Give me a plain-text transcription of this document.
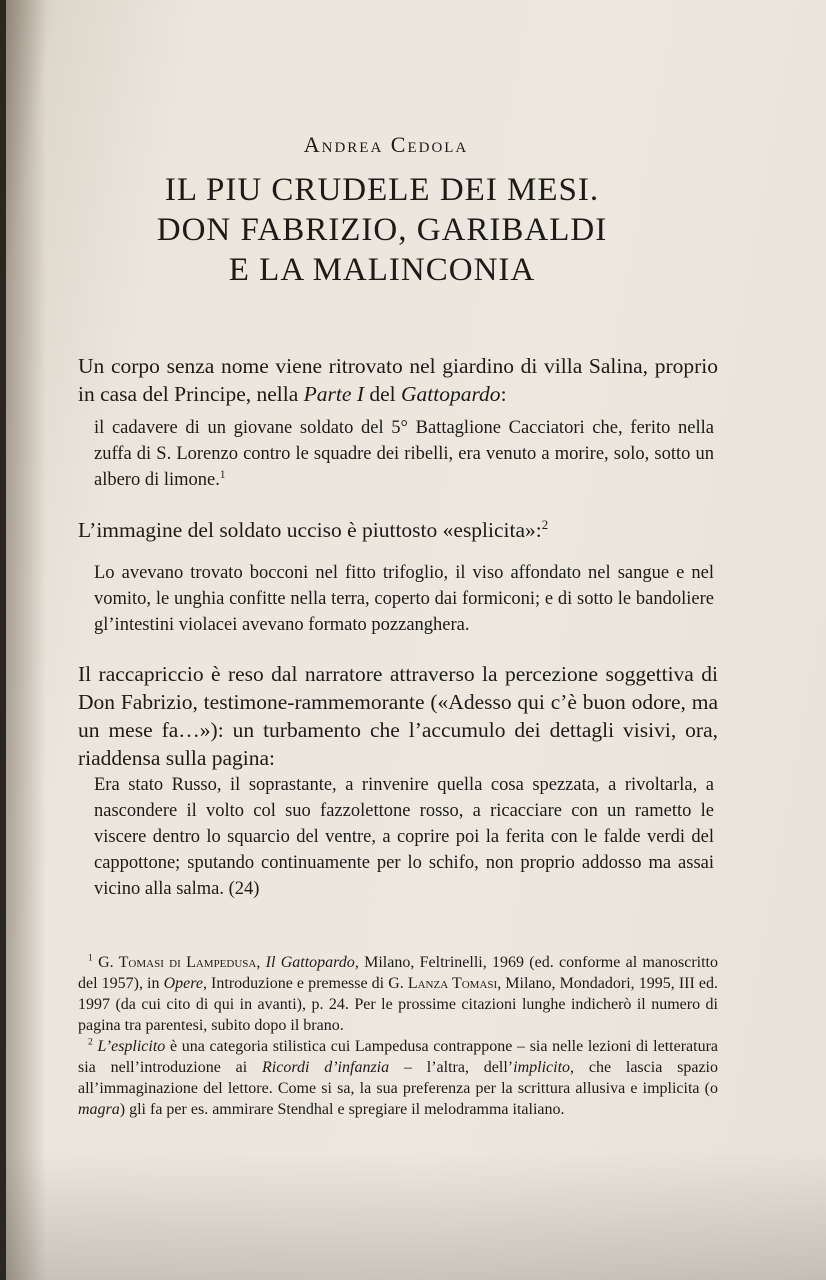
Andrea Cedola
IL PIU CRUDELE DEI MESI.
DON FABRIZIO, GARIBALDI
E LA MALINCONIA
Un corpo senza nome viene ritrovato nel giardino di villa Salina, proprio in casa del Principe, nella Parte I del Gattopardo:
il cadavere di un giovane soldato del 5° Battaglione Cacciatori che, ferito nella zuffa di S. Lorenzo contro le squadre dei ribelli, era venuto a morire, solo, sotto un albero di limone.$^1$
L’immagine del soldato ucciso è piuttosto «esplicita»:$^2$
Lo avevano trovato bocconi nel fitto trifoglio, il viso affondato nel sangue e nel vomito, le unghia confitte nella terra, coperto dai formiconi; e di sotto le bandoliere gl’intestini violacei avevano formato pozzanghera.
Il raccapriccio è reso dal narratore attraverso la percezione soggettiva di Don Fabrizio, testimone-rammemorante («Adesso qui c’è buon odore, ma un mese fa…»): un turbamento che l’accumulo dei dettagli visivi, ora, riaddensa sulla pagina:
Era stato Russo, il soprastante, a rinvenire quella cosa spezzata, a rivoltarla, a nascondere il volto col suo fazzolettone rosso, a ricacciare con un rametto le viscere dentro lo squarcio del ventre, a coprire poi la ferita con le falde verdi del cappottone; sputando continuamente per lo schifo, non proprio addosso ma assai vicino alla salma. (24)

$^1$ G. Tomasi di Lampedusa, Il Gattopardo, Milano, Feltrinelli, 1969 (ed. conforme al manoscritto del 1957), in Opere, Introduzione e premesse di G. Lanza Tomasi, Milano, Mondadori, 1995, III ed. 1997 (da cui cito di qui in avanti), p. 24. Per le prossime citazioni lunghe indicherò il numero di pagina tra parentesi, subito dopo il brano.

$^2$ L’esplicito è una categoria stilistica cui Lampedusa contrappone – sia nelle lezioni di letteratura sia nell’introduzione ai Ricordi d’infanzia – l’altra, dell’implicito, che lascia spazio all’immaginazione del lettore. Come si sa, la sua preferenza per la scrittura allusiva e implicita (o magra) gli fa per es. ammirare Stendhal e spregiare il melodramma italiano.
